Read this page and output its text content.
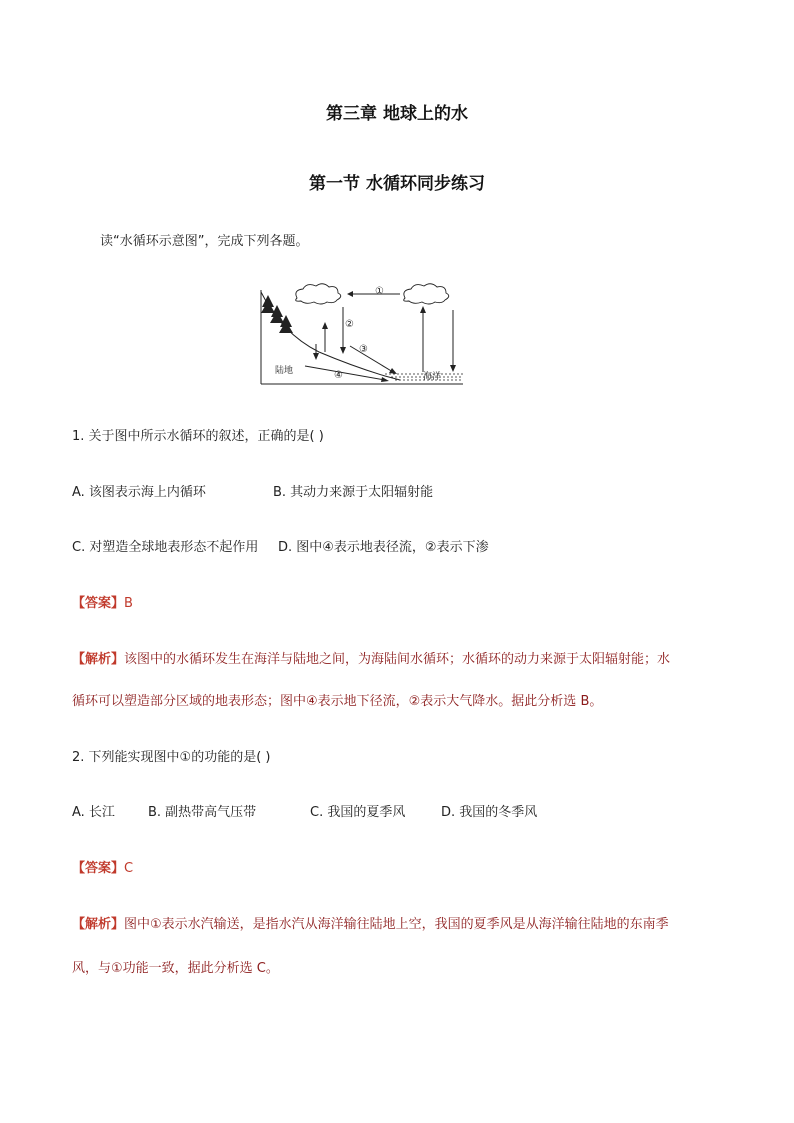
第三章 地球上的水
第一节 水循环同步练习
读“水循环示意图”，完成下列各题。
陆地
海洋
①
②
③
④
1. 关于图中所示水循环的叙述，正确的是( )
A. 该图表示海上内循环	B. 其动力来源于太阳辐射能
C. 对塑造全球地表形态不起作用 D. 图中④表示地表径流，②表示下渗
【答案】B
【解析】该图中的水循环发生在海洋与陆地之间，为海陆间水循环；水循环的动力来源于太阳辐射能；水
循环可以塑造部分区域的地表形态；图中④表示地下径流，②表示大气降水。据此分析选 B。
2. 下列能实现图中①的功能的是( )
A. 长江	B. 副热带高气压带	C. 我国的夏季风	D. 我国的冬季风
【答案】C
【解析】图中①表示水汽输送，是指水汽从海洋输往陆地上空，我国的夏季风是从海洋输往陆地的东南季
风，与①功能一致，据此分析选 C。
